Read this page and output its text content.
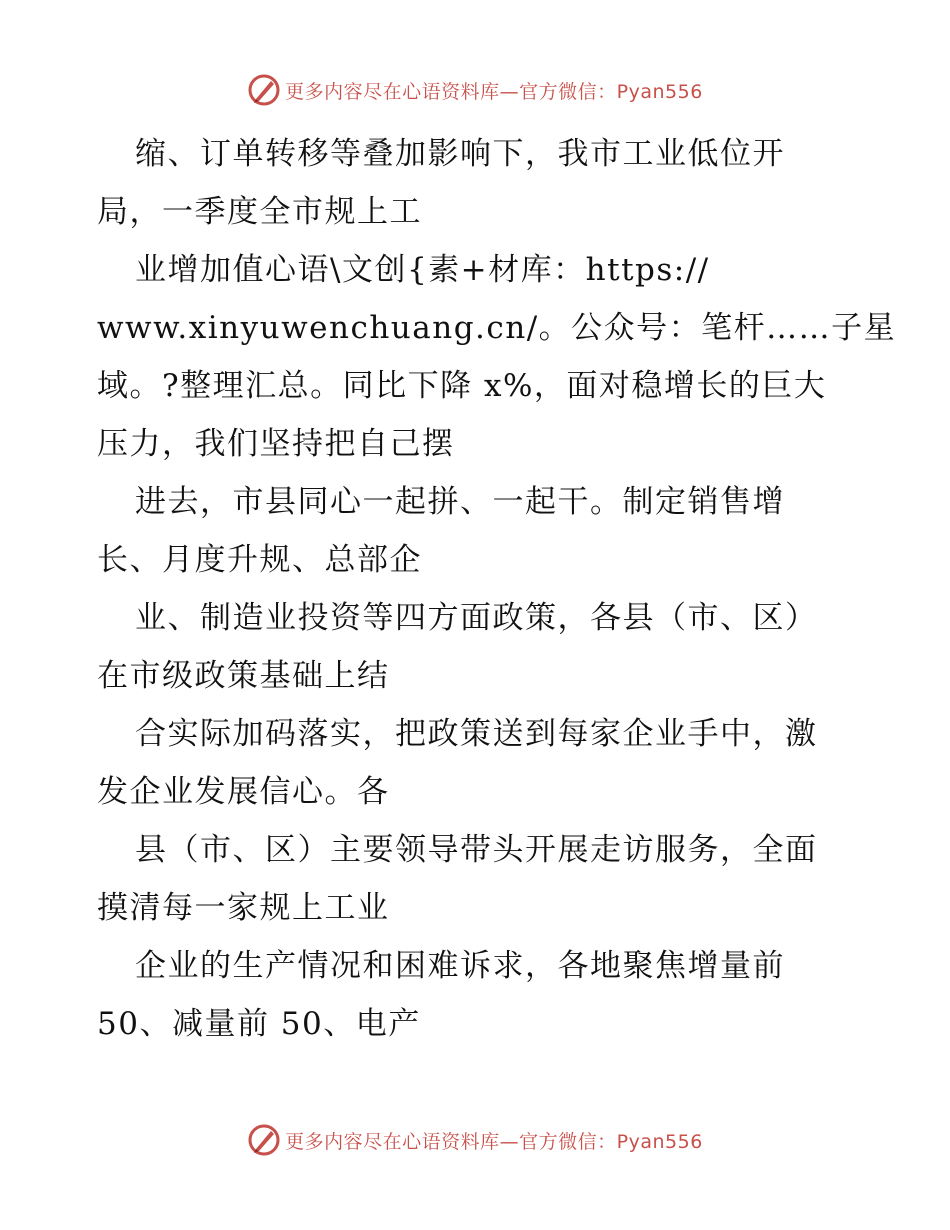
更多内容尽在心语资料库—官方微信：Pyan556
缩、订单转移等叠加影响下，我市工业低位开
局，一季度全市规上工
业增加值心语\文创{素+材库：https://
www.xinyuwenchuang.cn/。公众号：笔杆……子星
域。?整理汇总。同比下降 x%，面对稳增长的巨大
压力，我们坚持把自己摆
进去，市县同心一起拼、一起干。制定销售增
长、月度升规、总部企
业、制造业投资等四方面政策，各县（市、区）
在市级政策基础上结
合实际加码落实，把政策送到每家企业手中，激
发企业发展信心。各
县（市、区）主要领导带头开展走访服务，全面
摸清每一家规上工业
企业的生产情况和困难诉求，各地聚焦增量前
50、减量前 50、电产
更多内容尽在心语资料库—官方微信：Pyan556
